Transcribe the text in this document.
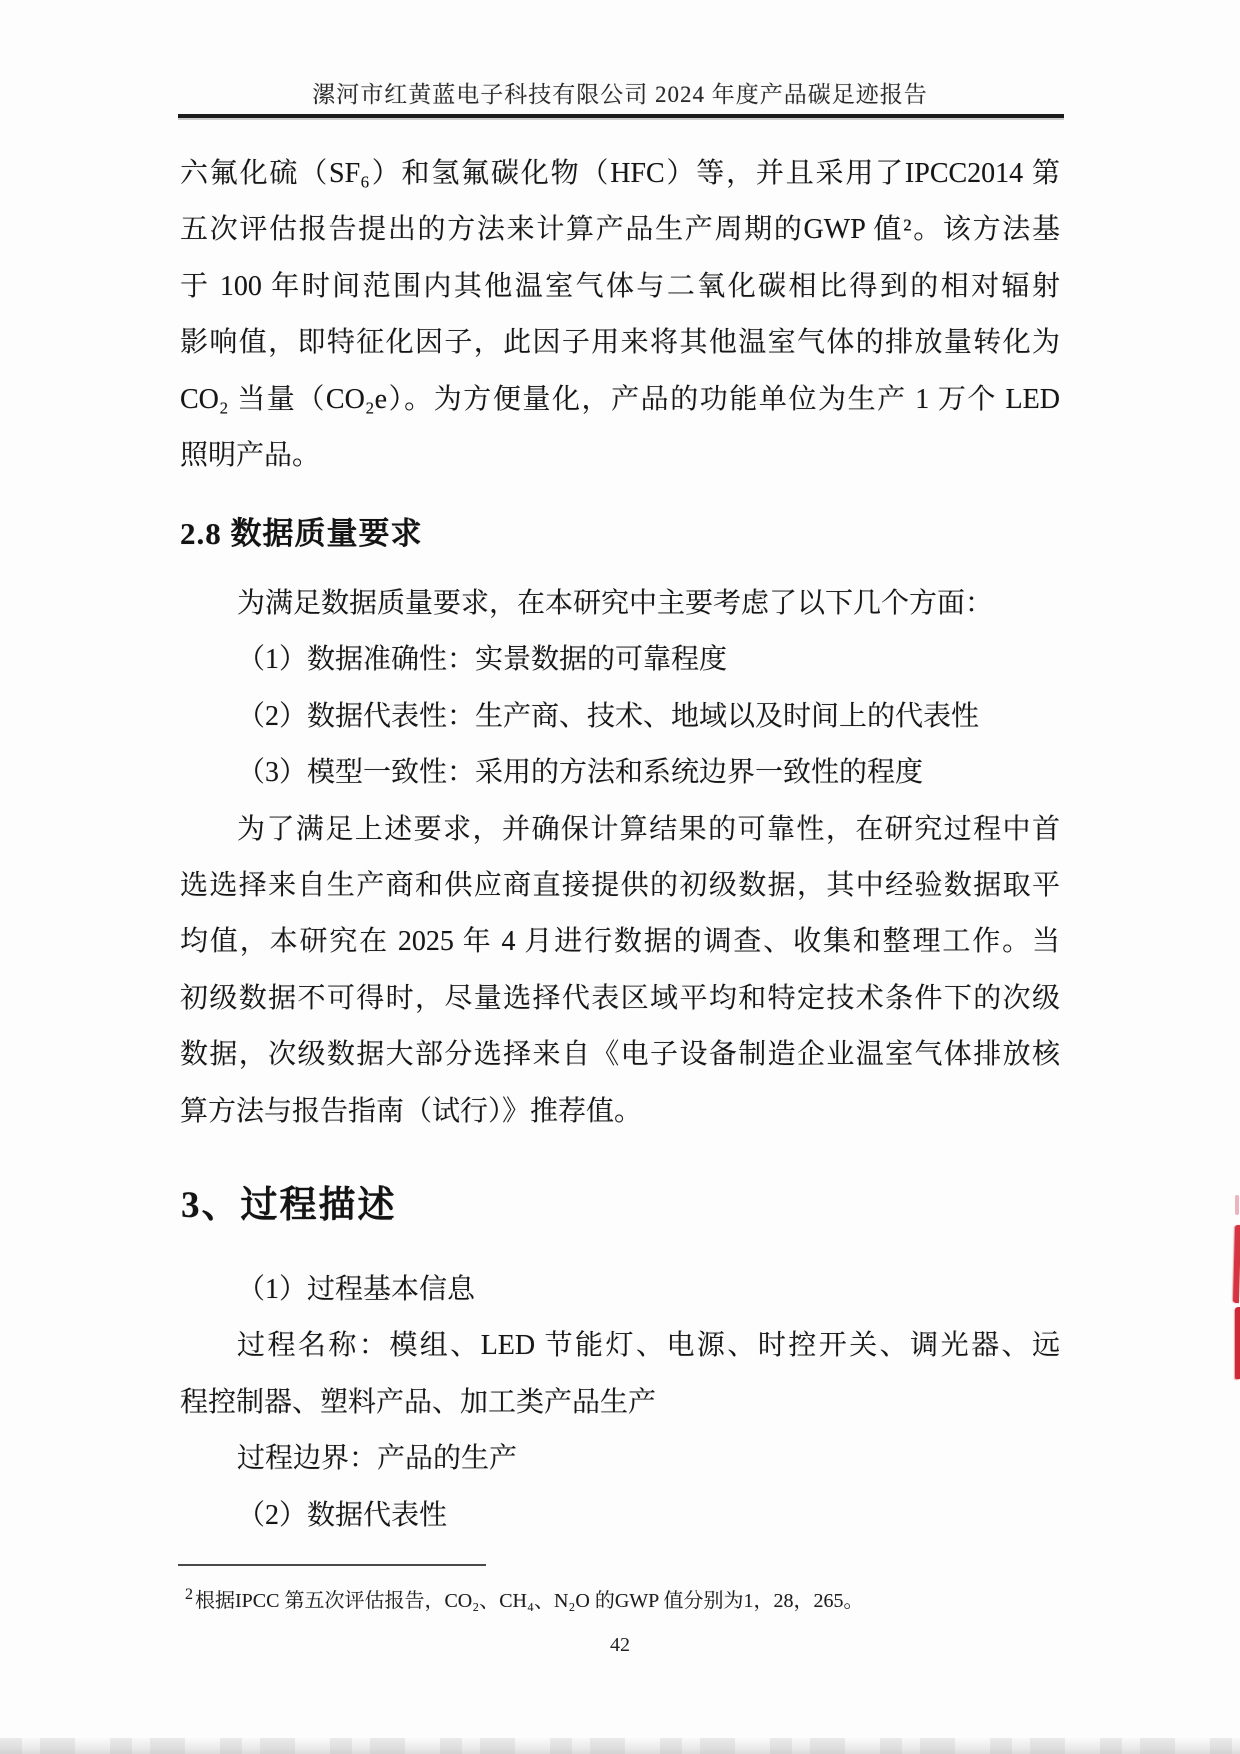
漯河市红黄蓝电子科技有限公司 2024 年度产品碳足迹报告
六氟化硫（SF₆）和氢氟碳化物（HFC）等，并且采用了IPCC2014 第
五次评估报告提出的方法来计算产品生产周期的GWP 值²。该方法基
于 100 年时间范围内其他温室气体与二氧化碳相比得到的相对辐射
影响值，即特征化因子，此因子用来将其他温室气体的排放量转化为
CO₂ 当量（CO₂e）。为方便量化，产品的功能单位为生产 1 万个 LED
照明产品。
2.8 数据质量要求
为满足数据质量要求，在本研究中主要考虑了以下几个方面：
（1）数据准确性：实景数据的可靠程度
（2）数据代表性：生产商、技术、地域以及时间上的代表性
（3）模型一致性：采用的方法和系统边界一致性的程度
为了满足上述要求，并确保计算结果的可靠性，在研究过程中首
选选择来自生产商和供应商直接提供的初级数据，其中经验数据取平
均值，本研究在 2025 年 4 月进行数据的调查、收集和整理工作。当
初级数据不可得时，尽量选择代表区域平均和特定技术条件下的次级
数据，次级数据大部分选择来自《电子设备制造企业温室气体排放核
算方法与报告指南（试行）》推荐值。
3、过程描述
（1）过程基本信息
过程名称：模组、LED 节能灯、电源、时控开关、调光器、远
程控制器、塑料产品、加工类产品生产
过程边界：产品的生产
（2）数据代表性
$^2$ 根据IPCC 第五次评估报告，CO₂、CH₄、N₂O 的GWP 值分别为1，28，265。
42
